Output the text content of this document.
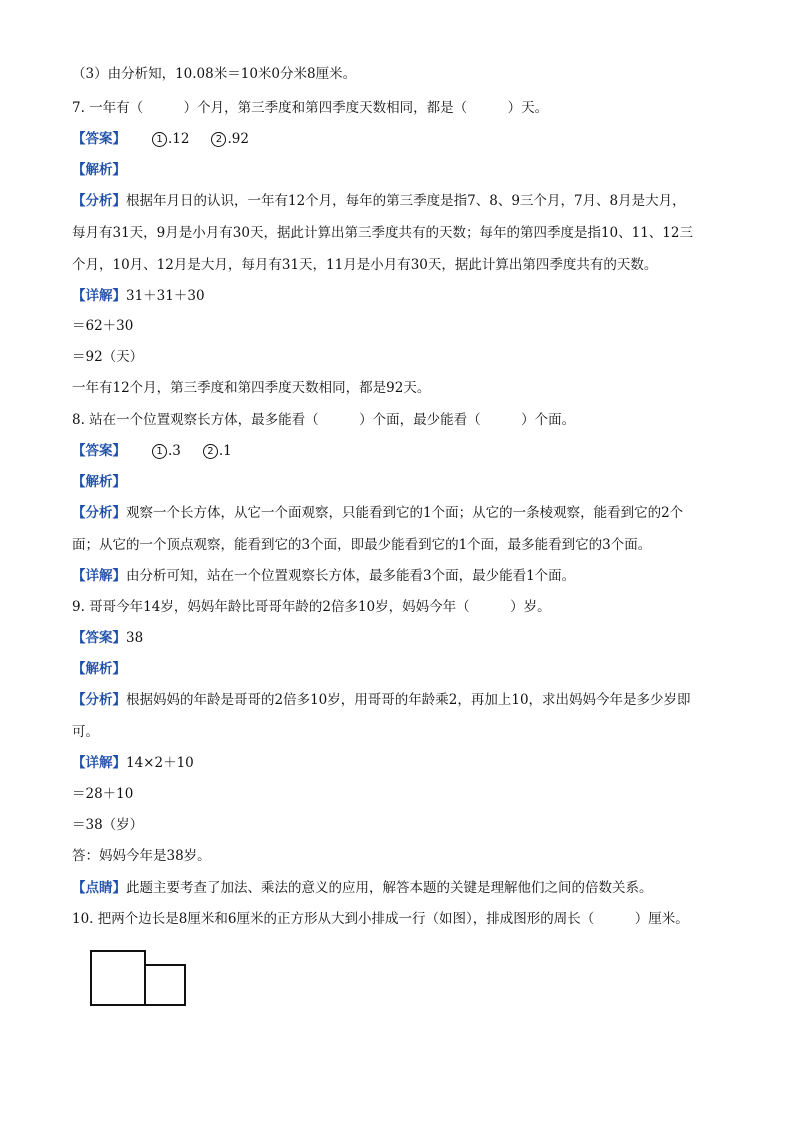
（3）由分析知，10.08米＝10米0分米8厘米。
7. 一年有（　　　）个月，第三季度和第四季度天数相同，都是（　　　）天。
【答案】	1 .12	2 .92
【解析】
【分析】根据年月日的认识，一年有12个月，每年的第三季度是指7、8、9三个月，7月、8月是大月，
每月有31天，9月是小月有30天，据此计算出第三季度共有的天数；每年的第四季度是指10、11、12三
个月，10月、12月是大月，每月有31天，11月是小月有30天，据此计算出第四季度共有的天数。
【详解】31＋31＋30
＝62＋30
＝92（天）
一年有12个月，第三季度和第四季度天数相同，都是92天。
8. 站在一个位置观察长方体，最多能看（　　　）个面，最少能看（　　　）个面。
【答案】	1 .3	2 .1
【解析】
【分析】观察一个长方体，从它一个面观察，只能看到它的1个面；从它的一条棱观察，能看到它的2个
面；从它的一个顶点观察，能看到它的3个面，即最少能看到它的1个面，最多能看到它的3个面。
【详解】由分析可知，站在一个位置观察长方体，最多能看3个面，最少能看1个面。
9. 哥哥今年14岁，妈妈年龄比哥哥年龄的2倍多10岁，妈妈今年（　　　）岁。
【答案】38
【解析】
【分析】根据妈妈的年龄是哥哥的2倍多10岁，用哥哥的年龄乘2，再加上10，求出妈妈今年是多少岁即
可。
【详解】14×2＋10
＝28＋10
＝38（岁）
答：妈妈今年是38岁。
【点睛】此题主要考查了加法、乘法的意义的应用，解答本题的关键是理解他们之间的倍数关系。
10. 把两个边长是8厘米和6厘米的正方形从大到小排成一行（如图），排成图形的周长（　　　）厘米。
